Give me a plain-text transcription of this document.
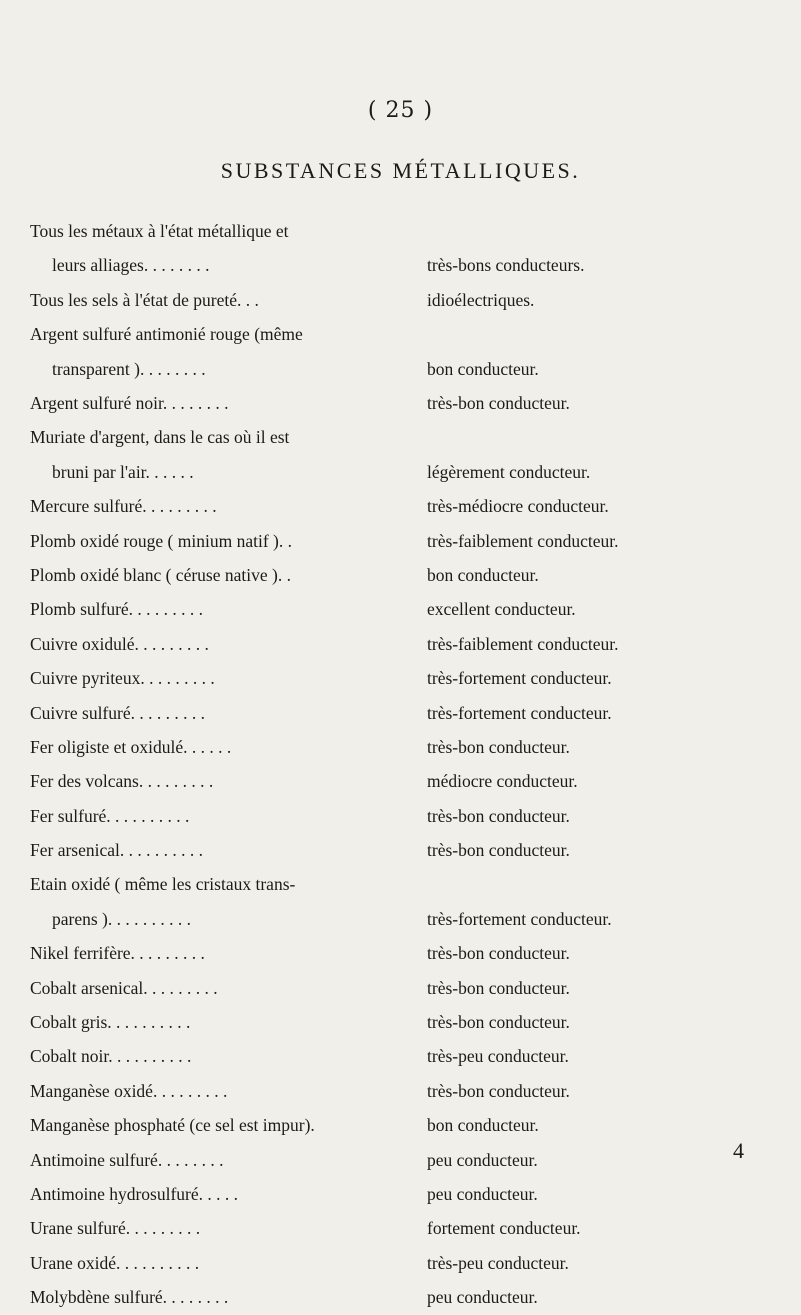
( 25 )
SUBSTANCES MÉTALLIQUES.
Tous les métaux à l'état métallique et
leurs alliages. . . . . . . .	très-bons conducteurs.
Tous les sels à l'état de pureté. . .	idioélectriques.
Argent sulfuré antimonié rouge (même
transparent ). . . . . . . .	bon conducteur.
Argent sulfuré noir. . . . . . . .	très-bon conducteur.
Muriate d'argent, dans le cas où il est
bruni par l'air. . . . . .	légèrement conducteur.
Mercure sulfuré. . . . . . . . .	très-médiocre conducteur.
Plomb oxidé rouge ( minium natif ). .	très-faiblement conducteur.
Plomb oxidé blanc ( céruse native ). .	bon conducteur.
Plomb sulfuré. . . . . . . . .	excellent conducteur.
Cuivre oxidulé. . . . . . . . .	très-faiblement conducteur.
Cuivre pyriteux. . . . . . . . .	très-fortement conducteur.
Cuivre sulfuré. . . . . . . . .	très-fortement conducteur.
Fer oligiste et oxidulé. . . . . .	très-bon conducteur.
Fer des volcans. . . . . . . . .	médiocre conducteur.
Fer sulfuré. . . . . . . . . .	très-bon conducteur.
Fer arsenical. . . . . . . . . .	très-bon conducteur.
Etain oxidé ( même les cristaux trans-
parens ). . . . . . . . . .	très-fortement conducteur.
Nikel ferrifère. . . . . . . . .	très-bon conducteur.
Cobalt arsenical. . . . . . . . .	très-bon conducteur.
Cobalt gris. . . . . . . . . .	très-bon conducteur.
Cobalt noir. . . . . . . . . .	très-peu conducteur.
Manganèse oxidé. . . . . . . . .	très-bon conducteur.
Manganèse phosphaté (ce sel est impur).	bon conducteur.
Antimoine sulfuré. . . . . . . .	peu conducteur.
Antimoine hydrosulfuré. . . . .	peu conducteur.
Urane sulfuré. . . . . . . . .	fortement conducteur.
Urane oxidé. . . . . . . . . .	très-peu conducteur.
Molybdène sulfuré. . . . . . . .	peu conducteur.
4
